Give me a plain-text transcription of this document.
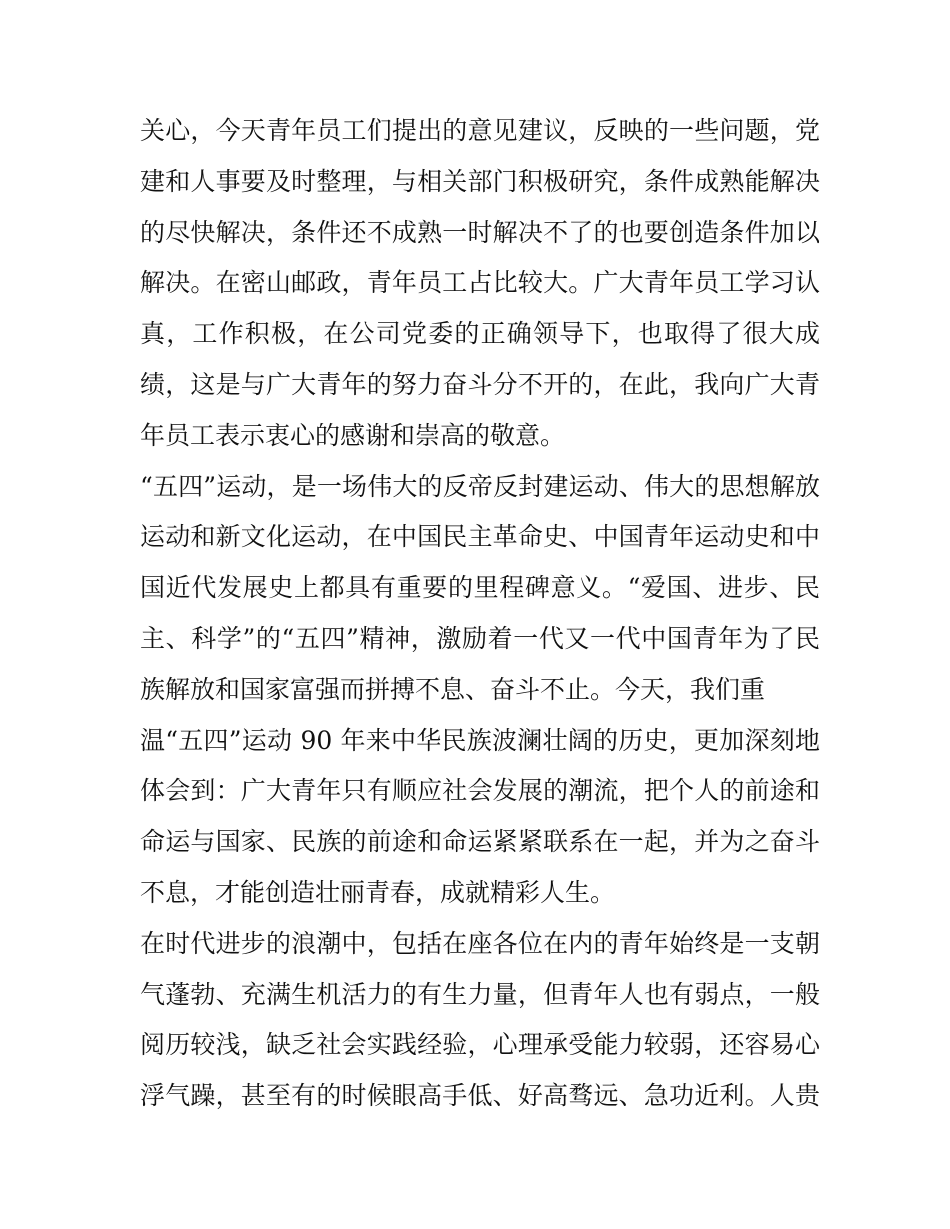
关心，今天青年员工们提出的意见建议，反映的一些问题，党
建和人事要及时整理，与相关部门积极研究，条件成熟能解决
的尽快解决，条件还不成熟一时解决不了的也要创造条件加以
解决。在密山邮政，青年员工占比较大。广大青年员工学习认
真，工作积极，在公司党委的正确领导下，也取得了很大成
绩，这是与广大青年的努力奋斗分不开的，在此，我向广大青
年员工表示衷心的感谢和崇高的敬意。
“五四”运动，是一场伟大的反帝反封建运动、伟大的思想解放
运动和新文化运动，在中国民主革命史、中国青年运动史和中
国近代发展史上都具有重要的里程碑意义。“爱国、进步、民
主、科学”的“五四”精神，激励着一代又一代中国青年为了民
族解放和国家富强而拼搏不息、奋斗不止。今天，我们重
温“五四”运动 90 年来中华民族波澜壮阔的历史，更加深刻地
体会到：广大青年只有顺应社会发展的潮流，把个人的前途和
命运与国家、民族的前途和命运紧紧联系在一起，并为之奋斗
不息，才能创造壮丽青春，成就精彩人生。
在时代进步的浪潮中，包括在座各位在内的青年始终是一支朝
气蓬勃、充满生机活力的有生力量，但青年人也有弱点，一般
阅历较浅，缺乏社会实践经验，心理承受能力较弱，还容易心
浮气躁，甚至有的时候眼高手低、好高骛远、急功近利。人贵
